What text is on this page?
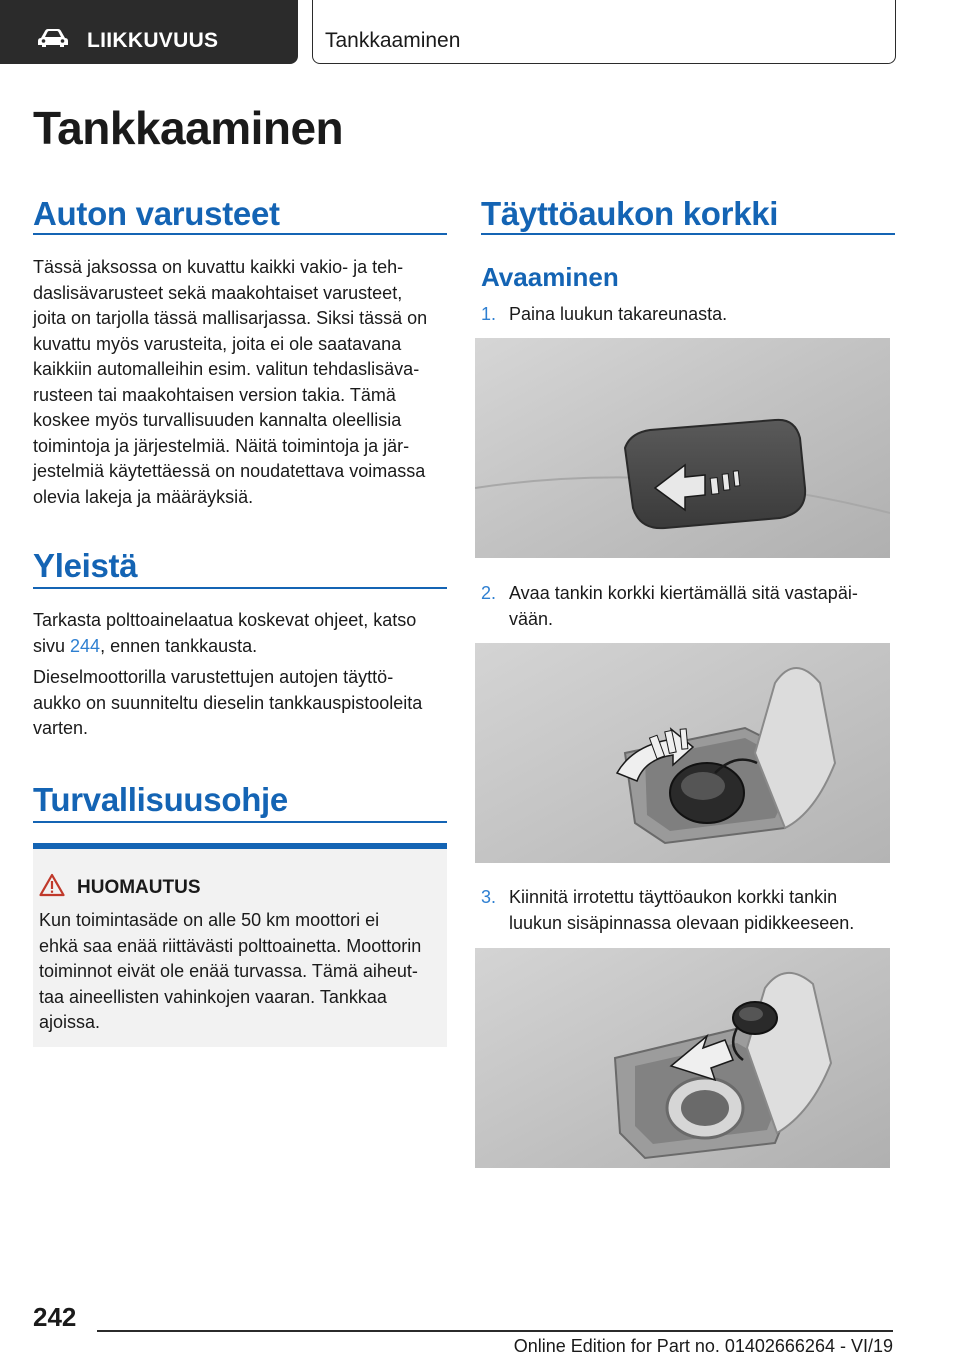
LIIKKUVUUS	Tankkaaminen
Tankkaaminen
Auton varusteet
Tässä jaksossa on kuvattu kaikki vakio- ja teh-
daslisävarusteet sekä maakohtaiset varusteet,
joita on tarjolla tässä mallisarjassa. Siksi tässä on
kuvattu myös varusteita, joita ei ole saatavana
kaikkiin automalleihin esim. valitun tehdaslisäva-
rusteen tai maakohtaisen version takia. Tämä
koskee myös turvallisuuden kannalta oleellisia
toimintoja ja järjestelmiä. Näitä toimintoja ja jär-
jestelmiä käytettäessä on noudatettava voimassa
olevia lakeja ja määräyksiä.
Yleistä
Tarkasta polttoainelaatua koskevat ohjeet, katso
sivu 244, ennen tankkausta.
Dieselmoottorilla varustettujen autojen täyttö-
aukko on suunniteltu dieselin tankkauspistooleita
varten.
Turvallisuusohje
HUOMAUTUS
Kun toimintasäde on alle 50 km moottori ei
ehkä saa enää riittävästi polttoainetta. Moottorin
toiminnot eivät ole enää turvassa. Tämä aiheut-
taa aineellisten vahinkojen vaaran. Tankkaa
ajoissa.
Täyttöaukon korkki
Avaaminen
1. Paina luukun takareunasta.
2. Avaa tankin korkki kiertämällä sitä vastapäi-
vään.
3. Kiinnitä irrotettu täyttöaukon korkki tankin
luukun sisäpinnassa olevaan pidikkeeseen.
242
Online Edition for Part no. 01402666264 - VI/19
